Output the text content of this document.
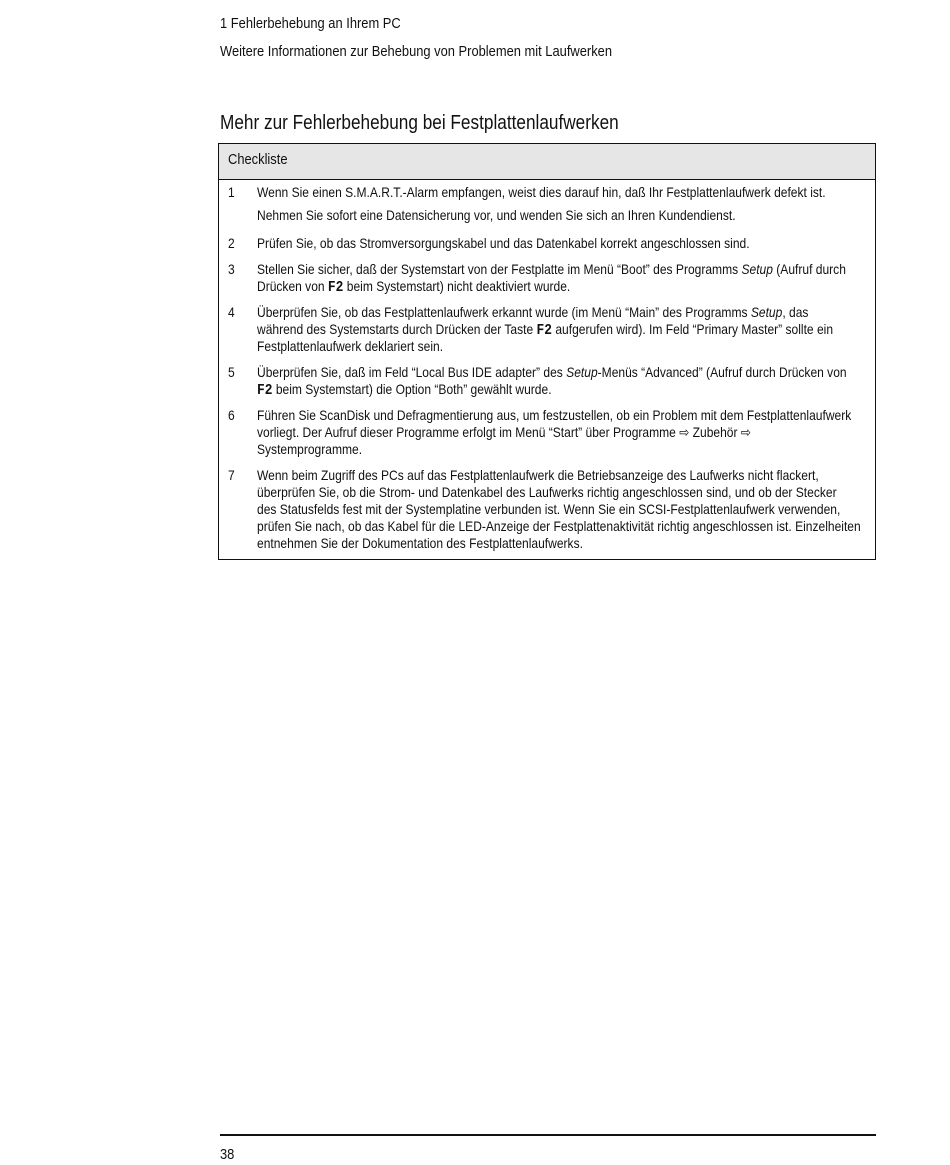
1 Fehlerbehebung an Ihrem PC
Weitere Informationen zur Behebung von Problemen mit Laufwerken
Mehr zur Fehlerbehebung bei Festplattenlaufwerken
Checkliste
1 Wenn Sie einen S.M.A.R.T.-Alarm empfangen, weist dies darauf hin, daß Ihr Festplattenlaufwerk defekt ist.
Nehmen Sie sofort eine Datensicherung vor, und wenden Sie sich an Ihren Kundendienst.
2 Prüfen Sie, ob das Stromversorgungskabel und das Datenkabel korrekt angeschlossen sind.
3 Stellen Sie sicher, daß der Systemstart von der Festplatte im Menü “Boot” des Programms Setup (Aufruf durch
Drücken von F2 beim Systemstart) nicht deaktiviert wurde.
4 Überprüfen Sie, ob das Festplattenlaufwerk erkannt wurde (im Menü “Main” des Programms Setup, das
während des Systemstarts durch Drücken der Taste F2 aufgerufen wird). Im Feld “Primary Master” sollte ein
Festplattenlaufwerk deklariert sein.
5 Überprüfen Sie, daß im Feld “Local Bus IDE adapter” des Setup-Menüs “Advanced” (Aufruf durch Drücken von
F2 beim Systemstart) die Option “Both” gewählt wurde.
6 Führen Sie ScanDisk und Defragmentierung aus, um festzustellen, ob ein Problem mit dem Festplattenlaufwerk
vorliegt. Der Aufruf dieser Programme erfolgt im Menü “Start” über Programme ⇨ Zubehör ⇨
Systemprogramme.
7 Wenn beim Zugriff des PCs auf das Festplattenlaufwerk die Betriebsanzeige des Laufwerks nicht flackert,
überprüfen Sie, ob die Strom- und Datenkabel des Laufwerks richtig angeschlossen sind, und ob der Stecker
des Statusfelds fest mit der Systemplatine verbunden ist. Wenn Sie ein SCSI-Festplattenlaufwerk verwenden,
prüfen Sie nach, ob das Kabel für die LED-Anzeige der Festplattenaktivität richtig angeschlossen ist. Einzelheiten
entnehmen Sie der Dokumentation des Festplattenlaufwerks.
38
